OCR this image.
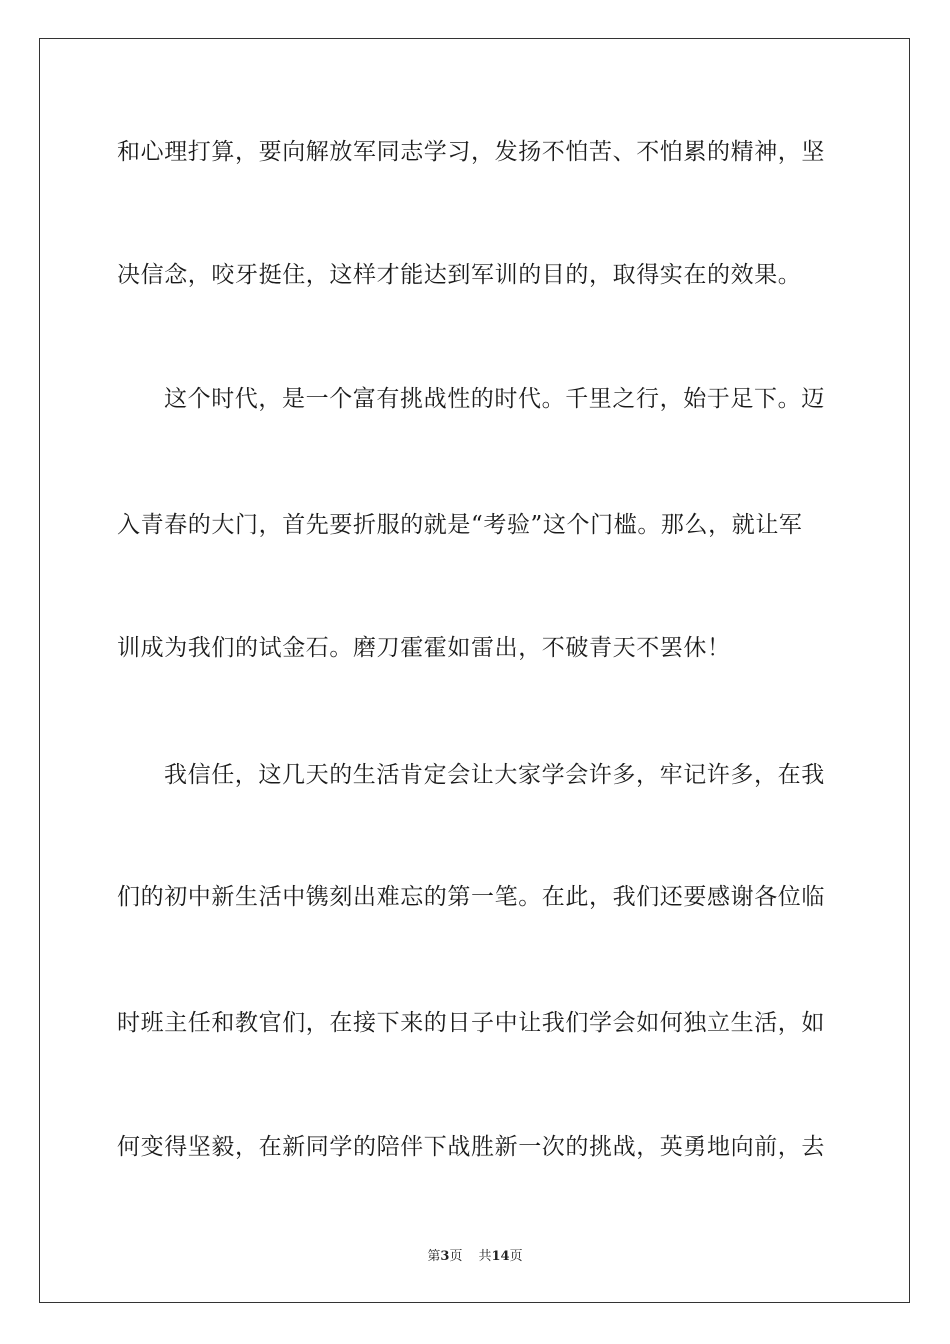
和心理打算，要向解放军同志学习，发扬不怕苦、不怕累的精神，坚
决信念，咬牙挺住，这样才能达到军训的目的，取得实在的效果。
这个时代，是一个富有挑战性的时代。千里之行，始于足下。迈
入青春的大门，首先要折服的就是“考验”这个门槛。那么，就让军
训成为我们的试金石。磨刀霍霍如雷出，不破青天不罢休！
我信任，这几天的生活肯定会让大家学会许多，牢记许多，在我
们的初中新生活中镌刻出难忘的第一笔。在此，我们还要感谢各位临
时班主任和教官们，在接下来的日子中让我们学会如何独立生活，如
何变得坚毅，在新同学的陪伴下战胜新一次的挑战，英勇地向前，去
第3页 共14页
